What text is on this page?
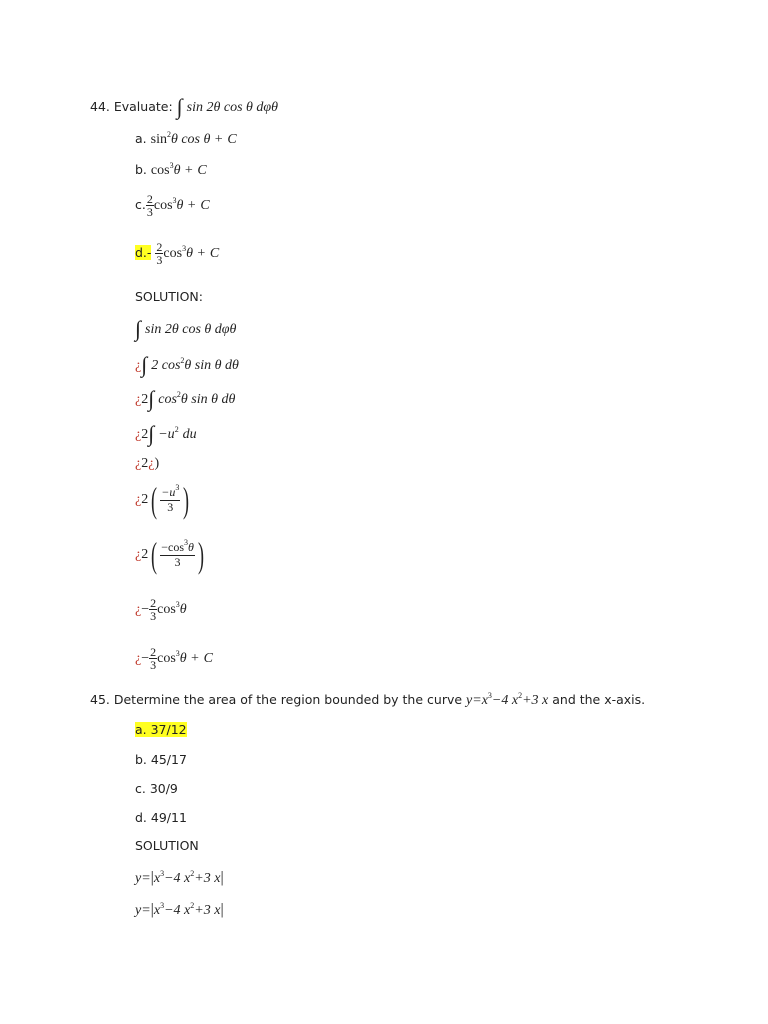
44. Evaluate: ∫ sin 2θ cos θ dφθ
a. $\sin^2\theta$ cos θ + C
b. $\cos^3\theta + C$
c. $\frac{2}{3} \cos^3\theta + C$
$d.- \frac{2}{3} \cos^3\theta + C$
SOLUTION:
∫ sin 2θ cos θ dφθ
¿∫ 2 $\cos^2\theta$ sin θ dθ
¿2∫ $\cos^2\theta$ sin θ dθ
¿$2\int -u^2$ du
¿2¿)
¿$2( \frac{-u^3}{3}$ )
¿$2( \frac{-\cos^3\theta}{3}$ )
¿− $\frac{2}{3} \cos^3\theta$
¿− $\frac{2}{3} \cos^3\theta + C$
45. Determine the area of the region bounded by the curve $y=x^3-4$ $x^2+3$ x and the x-axis.
a. 37/12
b. 45/17
c. 30/9
d. 49/11
SOLUTION
$y=|x^3-4$ $x^2+3$ x|
$y=|x^3-4$ $x^2+3$ x|
